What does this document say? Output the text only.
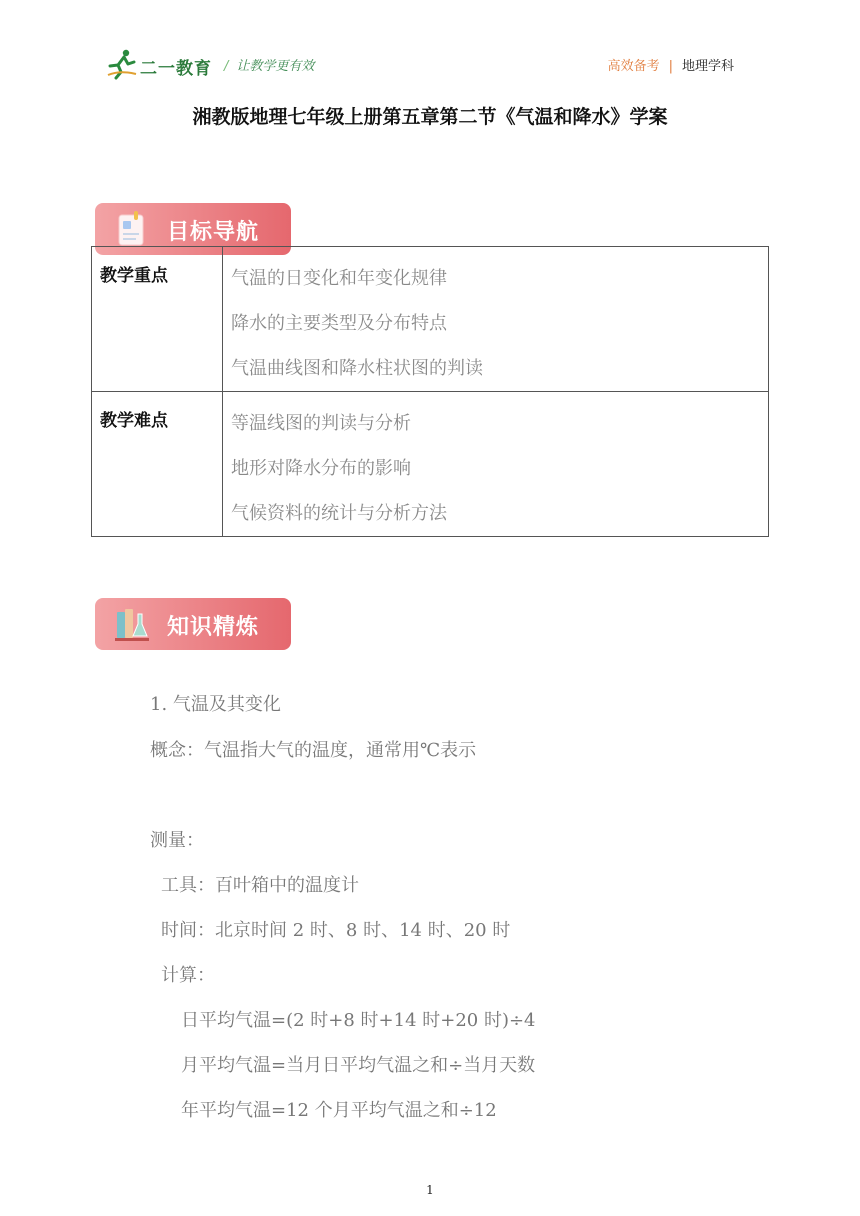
二一教育 / 让教学更有效	高效备考 | 地理学科
湘教版地理七年级上册第五章第二节《气温和降水》学案
目标导航
教学重点	气温的日变化和年变化规律
降水的主要类型及分布特点
气温曲线图和降水柱状图的判读

教学难点	等温线图的判读与分析
地形对降水分布的影响
气候资料的统计与分析方法
知识精炼
1. 气温及其变化
概念：气温指大气的温度，通常用℃表示
测量：
工具：百叶箱中的温度计
时间：北京时间 2 时、8 时、14 时、20 时
计算：
日平均气温=(2 时+8 时+14 时+20 时)÷4
月平均气温=当月日平均气温之和÷当月天数
年平均气温=12 个月平均气温之和÷12
1
